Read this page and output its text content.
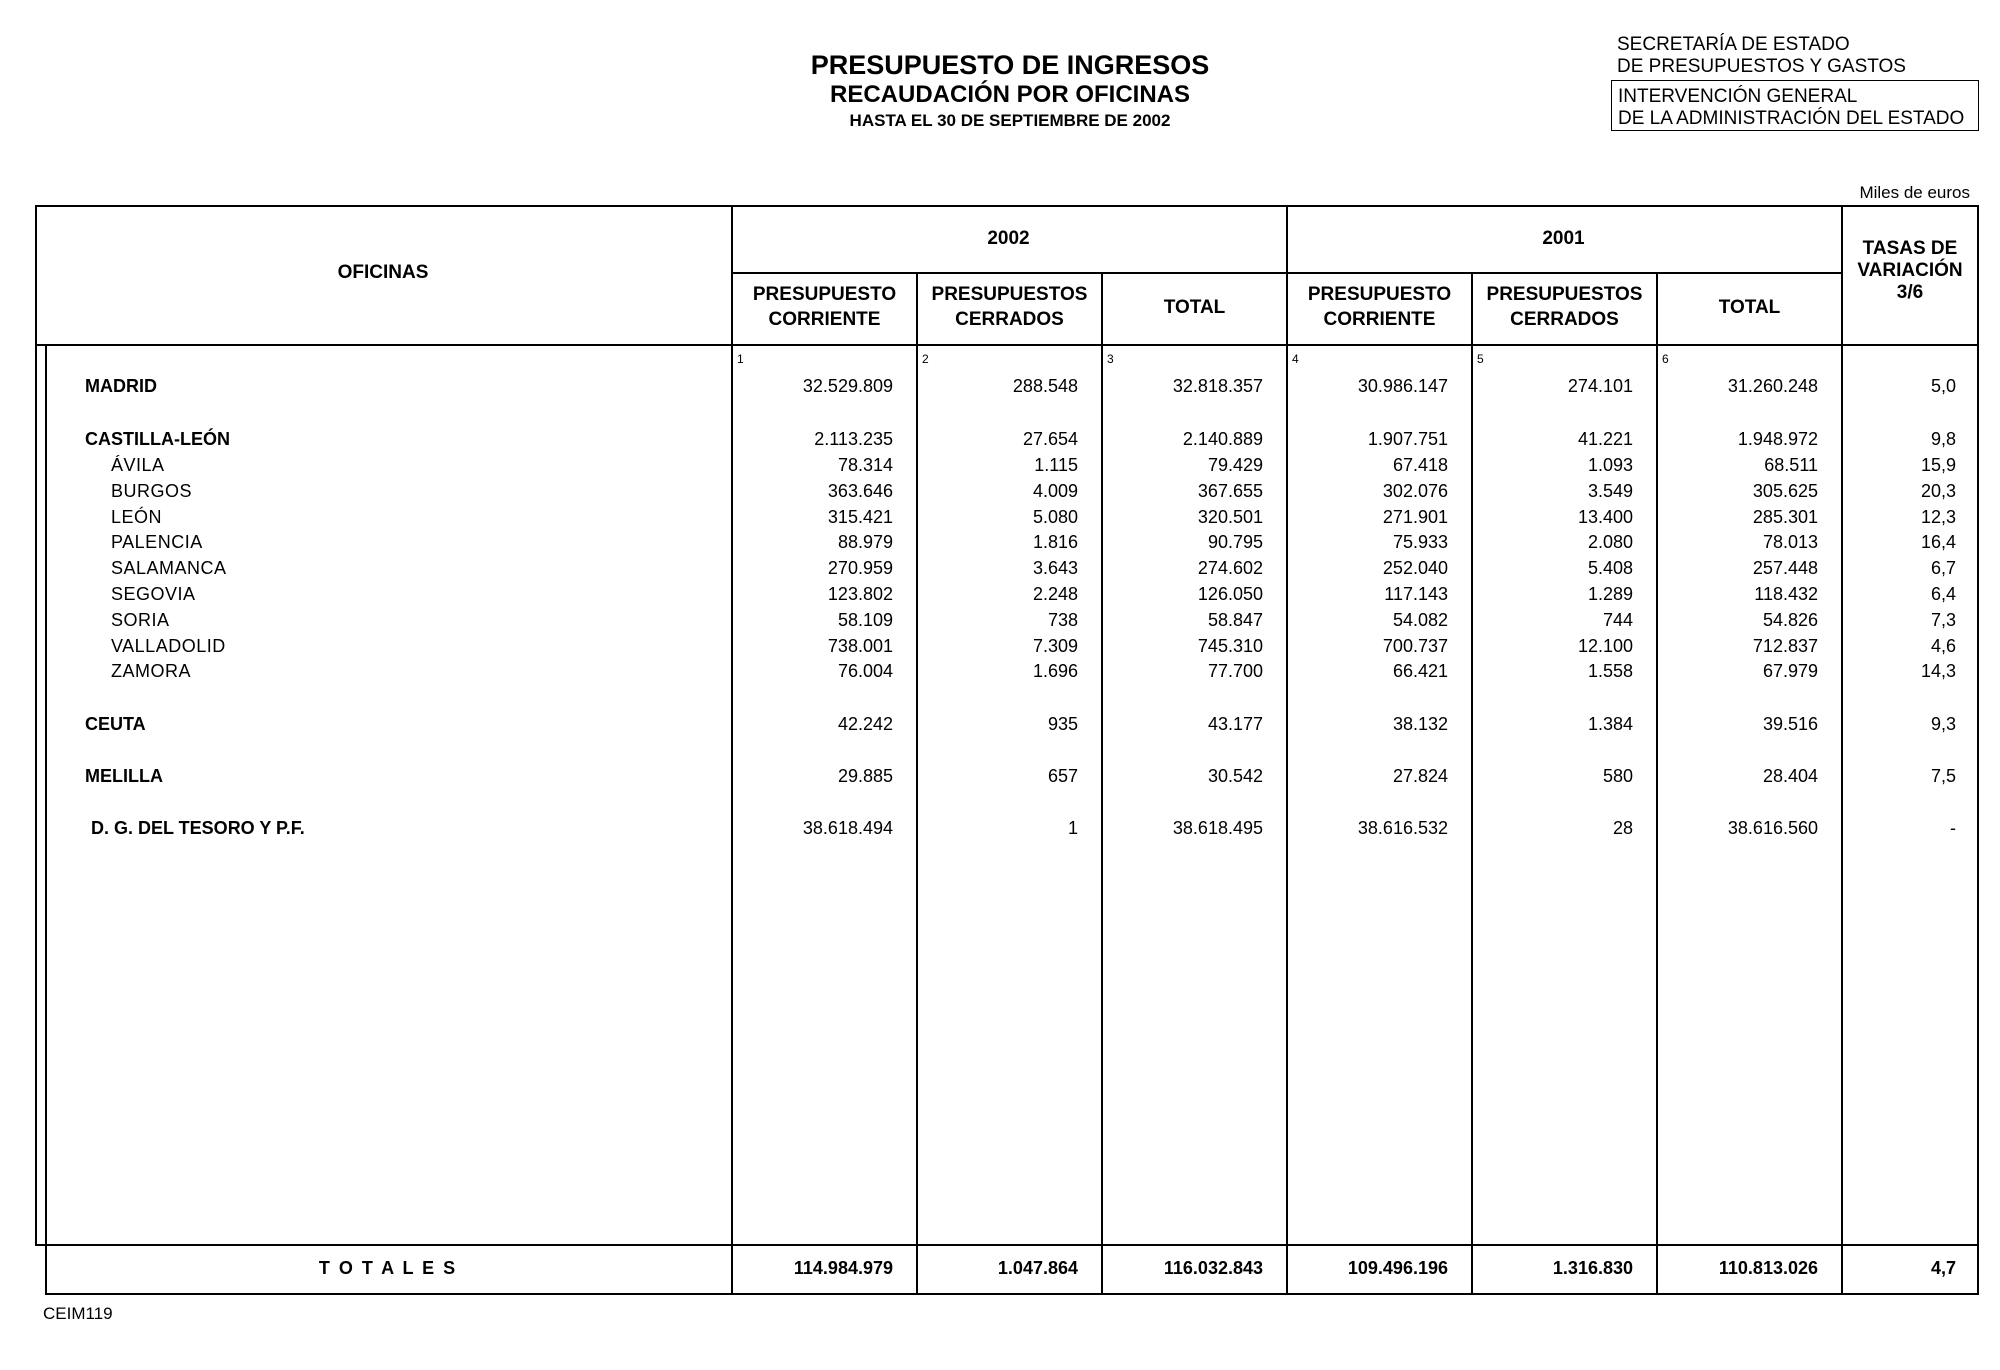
PRESUPUESTO DE INGRESOS
RECAUDACIÓN POR OFICINAS
HASTA EL 30 DE SEPTIEMBRE DE 2002
SECRETARÍA DE ESTADO
DE PRESUPUESTOS Y GASTOS
INTERVENCIÓN GENERAL
DE LA ADMINISTRACIÓN DEL ESTADO
Miles de euros
OFICINAS
2002	2001	TASAS DE
VARIACIÓN
3/6
PRESUPUESTO
CORRIENTE
PRESUPUESTOS
CERRADOS
TOTAL
PRESUPUESTO
CORRIENTE
PRESUPUESTOS
CERRADOS
TOTAL
1	2	3	4	5	6
MADRID	32.529.809	288.548	32.818.357	30.986.147	274.101	31.260.248	5,0
CASTILLA-LEÓN	2.113.235	27.654	2.140.889	1.907.751	41.221	1.948.972	9,8
ÁVILA	78.314	1.115	79.429	67.418	1.093	68.511	15,9
BURGOS	363.646	4.009	367.655	302.076	3.549	305.625	20,3
LEÓN	315.421	5.080	320.501	271.901	13.400	285.301	12,3
PALENCIA	88.979	1.816	90.795	75.933	2.080	78.013	16,4
SALAMANCA	270.959	3.643	274.602	252.040	5.408	257.448	6,7
SEGOVIA	123.802	2.248	126.050	117.143	1.289	118.432	6,4
SORIA	58.109	738	58.847	54.082	744	54.826	7,3
VALLADOLID	738.001	7.309	745.310	700.737	12.100	712.837	4,6
ZAMORA	76.004	1.696	77.700	66.421	1.558	67.979	14,3
CEUTA	42.242	935	43.177	38.132	1.384	39.516	9,3
MELILLA	29.885	657	30.542	27.824	580	28.404	7,5
D. G. DEL TESORO Y P.F.	38.618.494	1	38.618.495	38.616.532	28	38.616.560	-
T O T A L E S	114.984.979	1.047.864	116.032.843	109.496.196	1.316.830	110.813.026	4,7
CEIM119
